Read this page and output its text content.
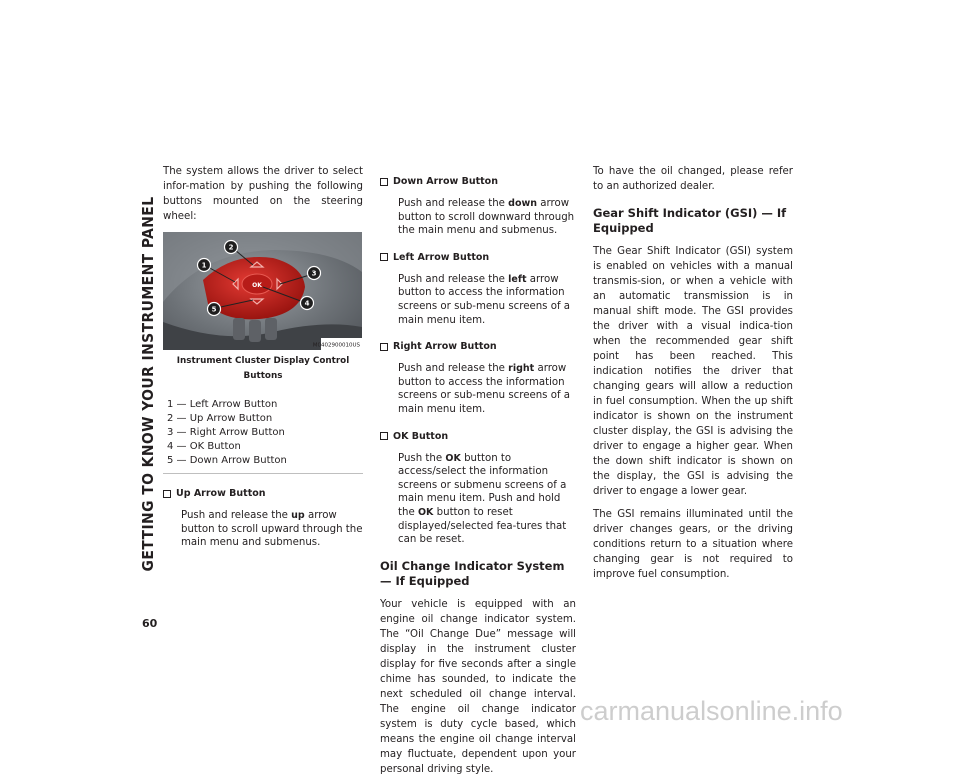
GETTING TO KNOW YOUR INSTRUMENT PANEL
60

The system allows the driver to select infor-mation by pushing the following buttons mounted on the steering wheel:

OK
1
2
3
4
5
M0402900010US
Instrument Cluster Display Control Buttons
1 — Left Arrow Button
2 — Up Arrow Button
3 — Right Arrow Button
4 — OK Button
5 — Down Arrow Button
Up Arrow Button
Push and release the up arrow button to scroll upward through the main menu and submenus.
Down Arrow Button
Push and release the down arrow button to scroll downward through the main menu and submenus.
Left Arrow Button
Push and release the left arrow button to access the information screens or sub-menu screens of a main menu item.
Right Arrow Button
Push and release the right arrow button to access the information screens or sub-menu screens of a main menu item.
OK Button
Push the OK button to access/select the information screens or submenu screens of a main menu item. Push and hold the OK button to reset displayed/selected fea-tures that can be reset.
Oil Change Indicator System — If Equipped

Your vehicle is equipped with an engine oil change indicator system. The “Oil Change Due” message will display in the instrument cluster display for five seconds after a single chime has sounded, to indicate the next scheduled oil change interval. The engine oil change indicator system is duty cycle based, which means the engine oil change interval may fluctuate, dependent upon your personal driving style.

To have the oil changed, please refer to an authorized dealer.

Gear Shift Indicator (GSI) — If Equipped

The Gear Shift Indicator (GSI) system is enabled on vehicles with a manual transmis-sion, or when a vehicle with an automatic transmission is in manual shift mode. The GSI provides the driver with a visual indica-tion when the recommended gear shift point has been reached. This indication notifies the driver that changing gears will allow a reduction in fuel consumption. When the up shift indicator is shown on the instrument cluster display, the GSI is advising the driver to engage a higher gear. When the down shift indicator is shown on the display, the GSI is advising the driver to engage a lower gear.

The GSI remains illuminated until the driver changes gears, or the driving conditions return to a situation where changing gear is not required to improve fuel consumption.

carmanualsonline.info
